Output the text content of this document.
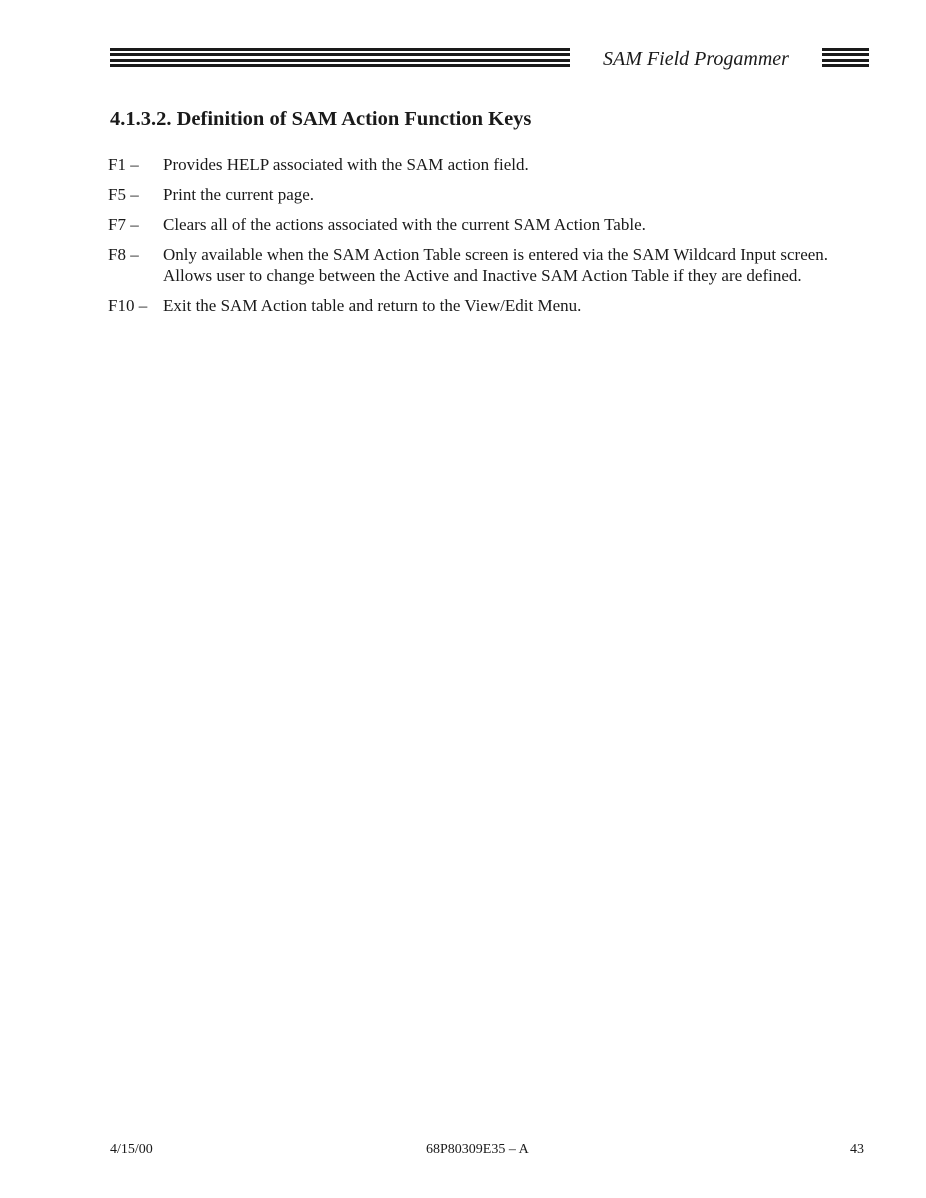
SAM Field Progammer
4.1.3.2. Definition of SAM Action Function Keys
F1 –	Provides HELP associated with the SAM action field.
F5 –	Print the current page.
F7 –	Clears all of the actions associated with the current SAM Action Table.
F8 –	Only available when the SAM Action Table screen is entered via the SAM Wildcard Input screen. Allows user to change between the Active and Inactive SAM Action Table if they are defined.
F10 – Exit the SAM Action table and return to the View/Edit Menu.
4/15/00	68P80309E35 – A	43
